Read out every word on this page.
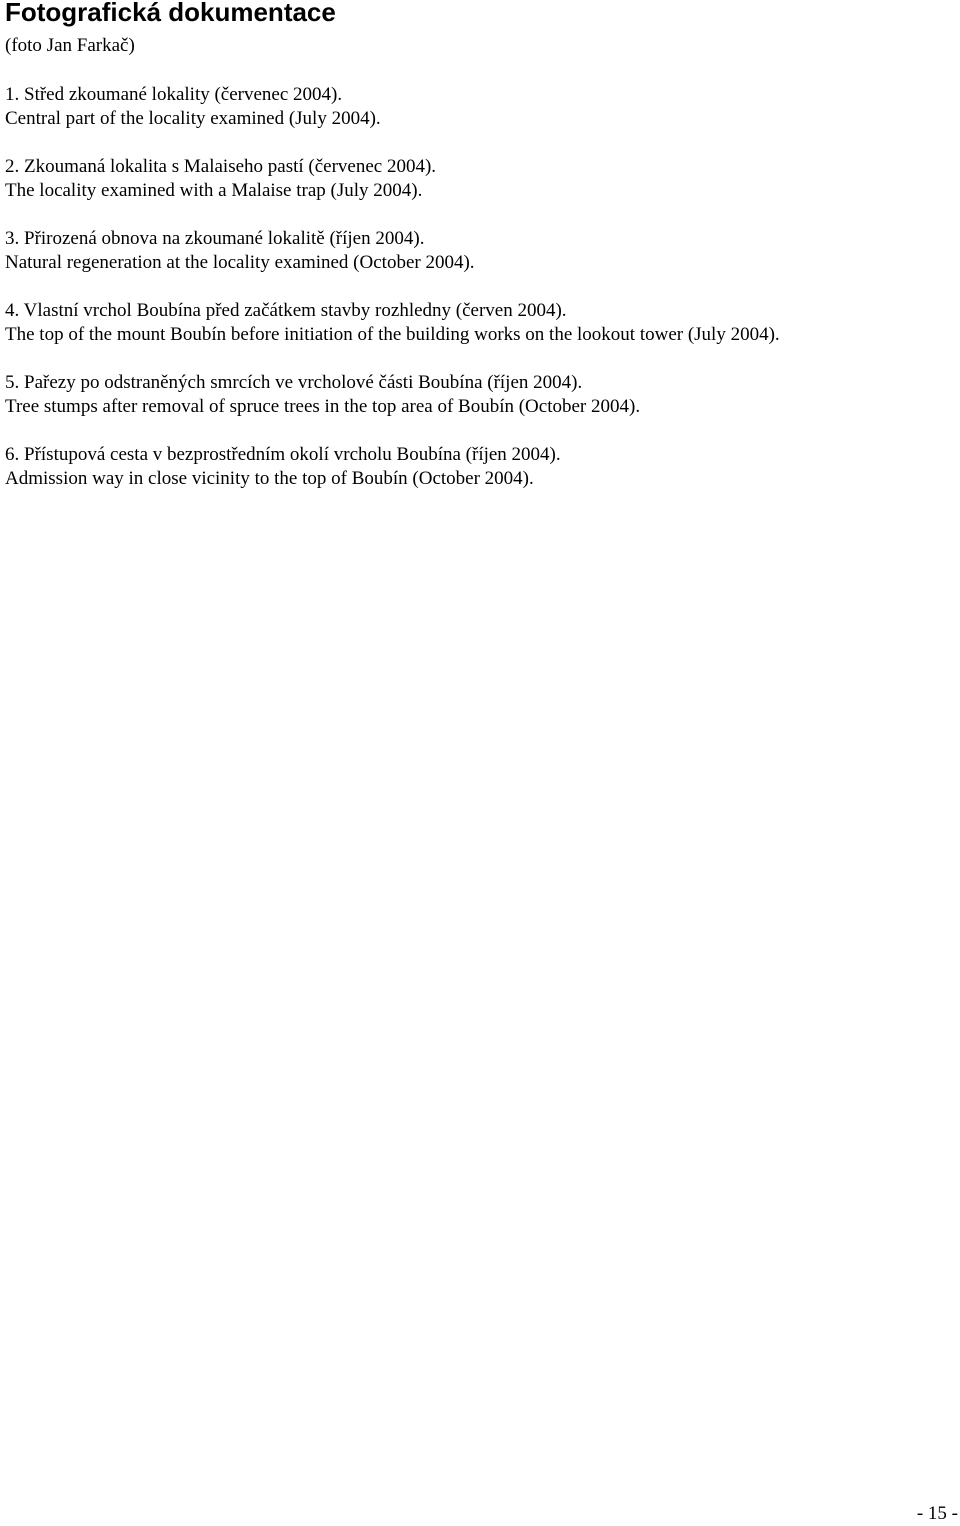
Fotografická dokumentace

(foto Jan Farkač)

1. Střed zkoumané lokality (červenec 2004).
Central part of the locality examined (July 2004).

2. Zkoumaná lokalita s Malaiseho pastí (červenec 2004).
The locality examined with a Malaise trap (July 2004).

3. Přirozená obnova na zkoumané lokalitě (říjen 2004).
Natural regeneration at the locality examined (October 2004).

4. Vlastní vrchol Boubína před začátkem stavby rozhledny (červen 2004).
The top of the mount Boubín before initiation of the building works on the lookout tower (July 2004).

5. Pařezy po odstraněných smrcích ve vrcholové části Boubína (říjen 2004).
Tree stumps after removal of spruce trees in the top area of Boubín (October 2004).

6. Přístupová cesta v bezprostředním okolí vrcholu Boubína (říjen 2004).
Admission way in close vicinity to the top of Boubín (October 2004).

- 15 -
